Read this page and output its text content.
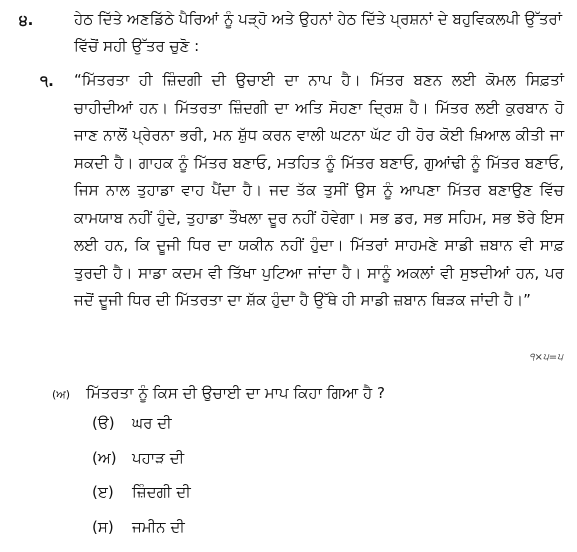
੪.	ਹੇਠ ਦਿੱਤੇ ਅਣਡਿੱਠੇ ਪੈਰਿਆਂ ਨੂੰ ਪੜ੍ਹੋ ਅਤੇ ਉਹਨਾਂ ਹੇਠ ਦਿੱਤੇ ਪ੍ਰਸ਼ਨਾਂ ਦੇ ਬਹੁਵਿਕਲਪੀ ਉੱਤਰਾਂ ਵਿੱਚੋਂ ਸਹੀ ਉੱਤਰ ਚੁਣੋ :
੧. “ਮਿੱਤਰਤਾ ਹੀ ਜ਼ਿੰਦਗੀ ਦੀ ਉਚਾਈ ਦਾ ਨਾਪ ਹੈ। ਮਿੱਤਰ ਬਣਨ ਲਈ ਕੋਮਲ ਸਿਫ਼ਤਾਂ ਚਾਹੀਦੀਆਂ ਹਨ। ਮਿੱਤਰਤਾ ਜ਼ਿੰਦਗੀ ਦਾ ਅਤਿ ਸੋਹਣਾ ਦ੍ਰਿਸ਼ ਹੈ। ਮਿੱਤਰ ਲਈ ਕੁਰਬਾਨ ਹੋ ਜਾਣ ਨਾਲੋਂ ਪ੍ਰੇਰਨਾ ਭਰੀ, ਮਨ ਸ਼ੁੱਧ ਕਰਨ ਵਾਲੀ ਘਟਨਾ ਘੱਟ ਹੀ ਹੋਰ ਕੋਈ ਖ਼ਿਆਲ ਕੀਤੀ ਜਾ ਸਕਦੀ ਹੈ। ਗਾਹਕ ਨੂੰ ਮਿੱਤਰ ਬਣਾਓ, ਮਤਹਿਤ ਨੂੰ ਮਿੱਤਰ ਬਣਾਓ, ਗੁਆਂਢੀ ਨੂੰ ਮਿੱਤਰ ਬਣਾਓ, ਜਿਸ ਨਾਲ ਤੁਹਾਡਾ ਵਾਹ ਪੈਂਦਾ ਹੈ। ਜਦ ਤੱਕ ਤੁਸੀਂ ਉਸ ਨੂੰ ਆਪਣਾ ਮਿੱਤਰ ਬਣਾਉਣ ਵਿੱਚ ਕਾਮਯਾਬ ਨਹੀਂ ਹੁੰਦੇ, ਤੁਹਾਡਾ ਤੌਖਲਾ ਦੂਰ ਨਹੀਂ ਹੋਵੇਗਾ। ਸਭ ਡਰ, ਸਭ ਸਹਿਮ, ਸਭ ਝੋਰੇ ਇਸ ਲਈ ਹਨ, ਕਿ ਦੂਜੀ ਧਿਰ ਦਾ ਯਕੀਨ ਨਹੀਂ ਹੁੰਦਾ। ਮਿੱਤਰਾਂ ਸਾਹਮਣੇ ਸਾਡੀ ਜ਼ਬਾਨ ਵੀ ਸਾਫ਼ ਤੁਰਦੀ ਹੈ। ਸਾਡਾ ਕਦਮ ਵੀ ਤਿੱਖਾ ਪੁਟਿਆ ਜਾਂਦਾ ਹੈ। ਸਾਨੂੰ ਅਕਲਾਂ ਵੀ ਸੁਝਦੀਆਂ ਹਨ, ਪਰ ਜਦੋਂ ਦੂਜੀ ਧਿਰ ਦੀ ਮਿੱਤਰਤਾ ਦਾ ਸ਼ੱਕ ਹੁੰਦਾ ਹੈ ਉੱਥੇ ਹੀ ਸਾਡੀ ਜ਼ਬਾਨ ਥਿੜਕ ਜਾਂਦੀ ਹੈ।”
੧×੫=੫
(ਅ) ਮਿੱਤਰਤਾ ਨੂੰ ਕਿਸ ਦੀ ਉਚਾਈ ਦਾ ਮਾਪ ਕਿਹਾ ਗਿਆ ਹੈ ?
(ੳ)	ਘਰ ਦੀ
(ਅ)	ਪਹਾੜ ਦੀ
(ੲ)	ਜ਼ਿੰਦਗੀ ਦੀ
(ਸ)	ਜਮੀਨ ਦੀ
